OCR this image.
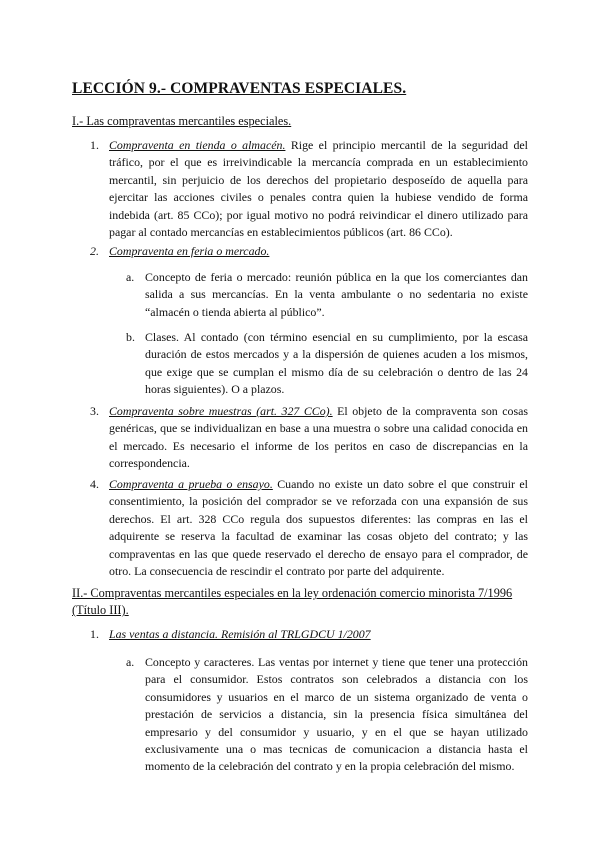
LECCIÓN 9.- COMPRAVENTAS ESPECIALES.

I.- Las compraventas mercantiles especiales.

1. Compraventa en tienda o almacén. Rige el principio mercantil de la seguridad del tráfico, por el que es irreivindicable la mercancía comprada en un establecimiento mercantil, sin perjuicio de los derechos del propietario desposeído de aquella para ejercitar las acciones civiles o penales contra quien la hubiese vendido de forma indebida (art. 85 CCo); por igual motivo no podrá reivindicar el dinero utilizado para pagar al contado mercancías en establecimientos públicos (art. 86 CCo).

2. Compraventa en feria o mercado.

a. Concepto de feria o mercado: reunión pública en la que los comerciantes dan salida a sus mercancías. En la venta ambulante o no sedentaria no existe “almacén o tienda abierta al público”.

b. Clases. Al contado (con término esencial en su cumplimiento, por la escasa duración de estos mercados y a la dispersión de quienes acuden a los mismos, que exige que se cumplan el mismo día de su celebración o dentro de las 24 horas siguientes). O a plazos.

3. Compraventa sobre muestras (art. 327 CCo). El objeto de la compraventa son cosas genéricas, que se individualizan en base a una muestra o sobre una calidad conocida en el mercado. Es necesario el informe de los peritos en caso de discrepancias en la correspondencia.

4. Compraventa a prueba o ensayo. Cuando no existe un dato sobre el que construir el consentimiento, la posición del comprador se ve reforzada con una expansión de sus derechos. El art. 328 CCo regula dos supuestos diferentes: las compras en las el adquirente se reserva la facultad de examinar las cosas objeto del contrato; y las compraventas en las que quede reservado el derecho de ensayo para el comprador, de otro. La consecuencia de rescindir el contrato por parte del adquirente.

II.- Compraventas mercantiles especiales en la ley ordenación comercio minorista 7/1996 (Título III).

1. Las ventas a distancia. Remisión al TRLGDCU 1/2007

a. Concepto y caracteres. Las ventas por internet y tiene que tener una protección para el consumidor. Estos contratos son celebrados a distancia con los consumidores y usuarios en el marco de un sistema organizado de venta o prestación de servicios a distancia, sin la presencia física simultánea del empresario y del consumidor y usuario, y en el que se hayan utilizado exclusivamente una o mas tecnicas de comunicacion a distancia hasta el momento de la celebración del contrato y en la propia celebración del mismo.
